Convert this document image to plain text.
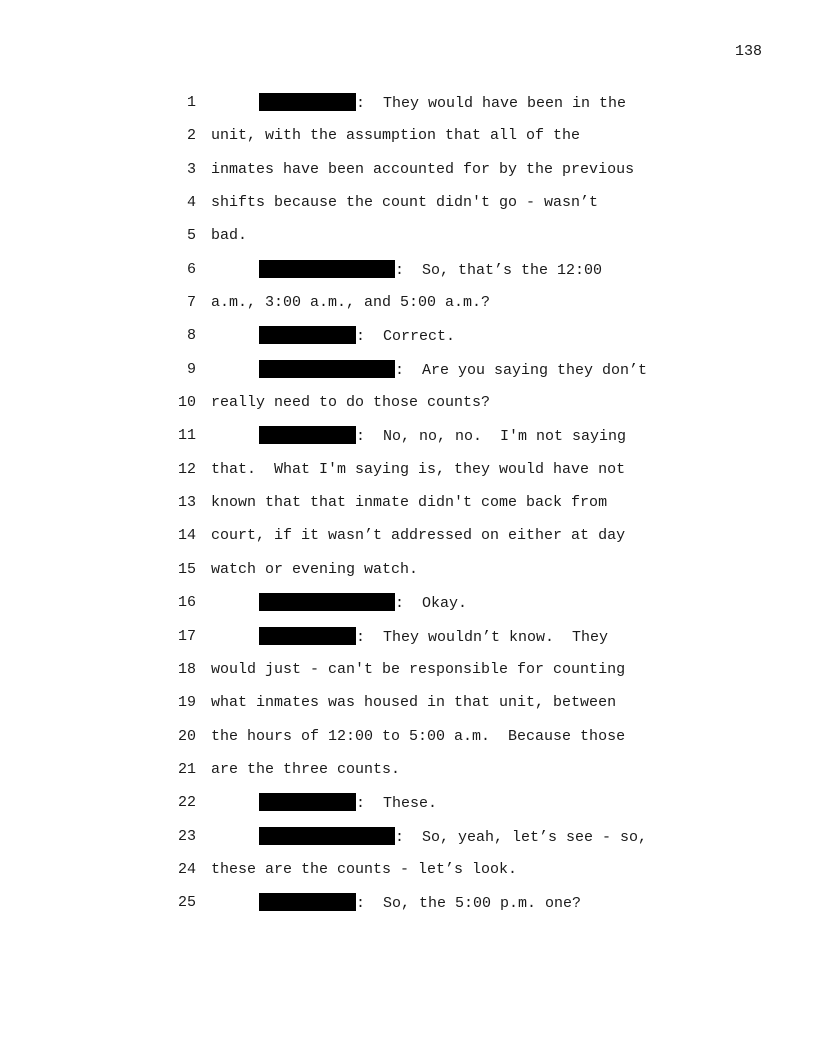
138
1	:  They would have been in the
2 unit, with the assumption that all of the
3 inmates have been accounted for by the previous
4 shifts because the count didn't go - wasn’t
5 bad.
6	:  So, that’s the 12:00
7 a.m., 3:00 a.m., and 5:00 a.m.?
8	:  Correct.
9	:  Are you saying they don’t
10 really need to do those counts?
11	:  No, no, no.  I'm not saying
12 that.  What I'm saying is, they would have not
13 known that that inmate didn't come back from
14 court, if it wasn’t addressed on either at day
15 watch or evening watch.
16	:  Okay.
17	:  They wouldn’t know.  They
18 would just - can't be responsible for counting
19 what inmates was housed in that unit, between
20 the hours of 12:00 to 5:00 a.m.  Because those
21 are the three counts.
22	:  These.
23	:  So, yeah, let’s see - so,
24 these are the counts - let’s look.
25	:  So, the 5:00 p.m. one?
